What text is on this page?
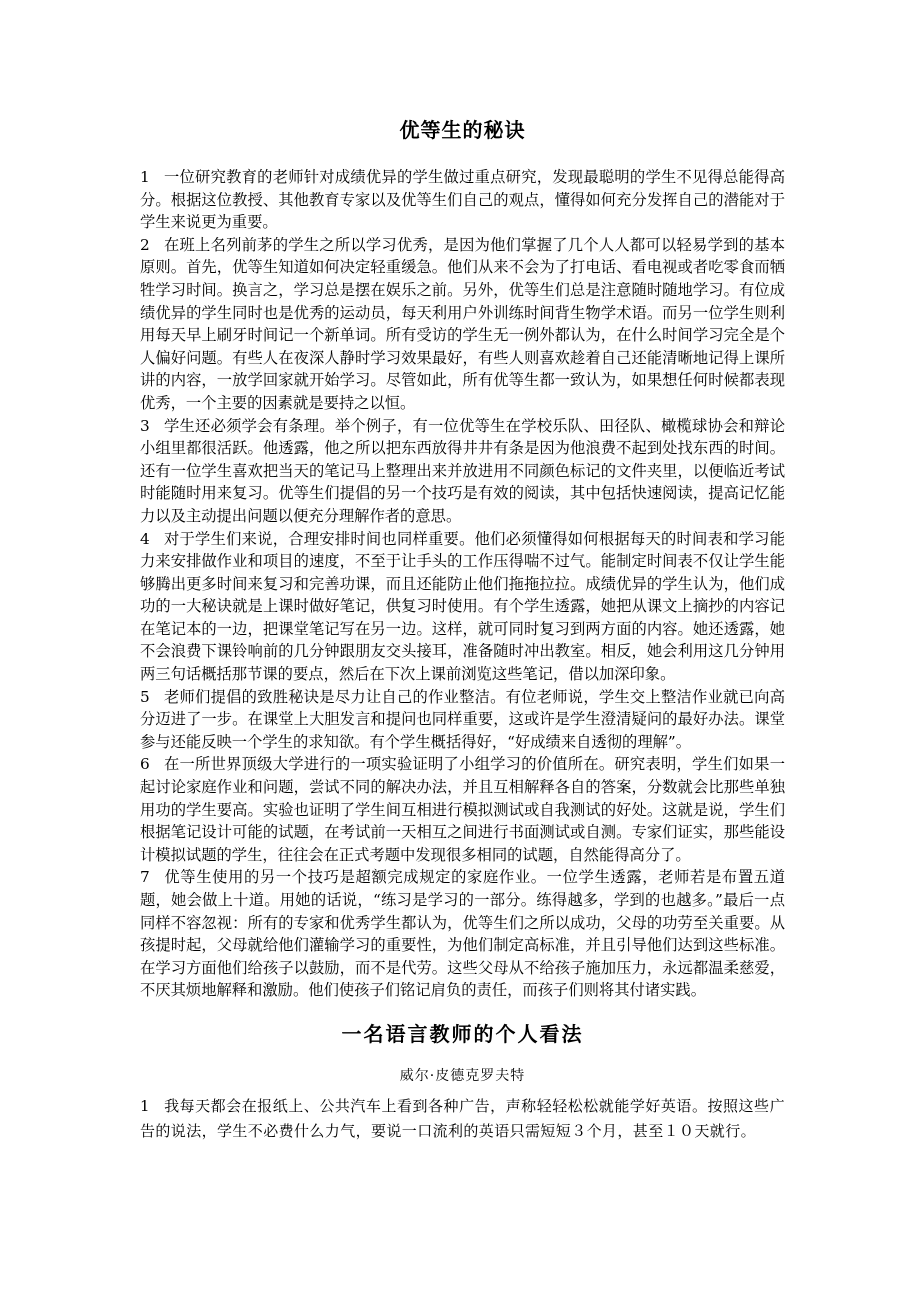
优等生的秘诀

1 一位研究教育的老师针对成绩优异的学生做过重点研究，发现最聪明的学生不见得总能得高分。根据这位教授、其他教育专家以及优等生们自己的观点，懂得如何充分发挥自己的潜能对于学生来说更为重要。

2 在班上名列前茅的学生之所以学习优秀，是因为他们掌握了几个人人都可以轻易学到的基本原则。首先，优等生知道如何决定轻重缓急。他们从来不会为了打电话、看电视或者吃零食而牺牲学习时间。换言之，学习总是摆在娱乐之前。另外，优等生们总是注意随时随地学习。有位成绩优异的学生同时也是优秀的运动员，每天利用户外训练时间背生物学术语。而另一位学生则利用每天早上刷牙时间记一个新单词。所有受访的学生无一例外都认为，在什么时间学习完全是个人偏好问题。有些人在夜深人静时学习效果最好，有些人则喜欢趁着自己还能清晰地记得上课所讲的内容，一放学回家就开始学习。尽管如此，所有优等生都一致认为，如果想任何时候都表现优秀，一个主要的因素就是要持之以恒。

3 学生还必须学会有条理。举个例子，有一位优等生在学校乐队、田径队、橄榄球协会和辩论小组里都很活跃。他透露，他之所以把东西放得井井有条是因为他浪费不起到处找东西的时间。还有一位学生喜欢把当天的笔记马上整理出来并放进用不同颜色标记的文件夹里，以便临近考试时能随时用来复习。优等生们提倡的另一个技巧是有效的阅读，其中包括快速阅读，提高记忆能力以及主动提出问题以便充分理解作者的意思。

4 对于学生们来说，合理安排时间也同样重要。他们必须懂得如何根据每天的时间表和学习能力来安排做作业和项目的速度，不至于让手头的工作压得喘不过气。能制定时间表不仅让学生能够腾出更多时间来复习和完善功课，而且还能防止他们拖拖拉拉。成绩优异的学生认为，他们成功的一大秘诀就是上课时做好笔记，供复习时使用。有个学生透露，她把从课文上摘抄的内容记在笔记本的一边，把课堂笔记写在另一边。这样，就可同时复习到两方面的内容。她还透露，她不会浪费下课铃响前的几分钟跟朋友交头接耳，准备随时冲出教室。相反，她会利用这几分钟用两三句话概括那节课的要点，然后在下次上课前浏览这些笔记，借以加深印象。

5 老师们提倡的致胜秘诀是尽力让自己的作业整洁。有位老师说，学生交上整洁作业就已向高分迈进了一步。在课堂上大胆发言和提问也同样重要，这或许是学生澄清疑问的最好办法。课堂参与还能反映一个学生的求知欲。有个学生概括得好，“好成绩来自透彻的理解”。

6 在一所世界顶级大学进行的一项实验证明了小组学习的价值所在。研究表明，学生们如果一起讨论家庭作业和问题，尝试不同的解决办法，并且互相解释各自的答案，分数就会比那些单独用功的学生要高。实验也证明了学生间互相进行模拟测试或自我测试的好处。这就是说，学生们根据笔记设计可能的试题，在考试前一天相互之间进行书面测试或自测。专家们证实，那些能设计模拟试题的学生，往往会在正式考题中发现很多相同的试题，自然能得高分了。

7 优等生使用的另一个技巧是超额完成规定的家庭作业。一位学生透露，老师若是布置五道题，她会做上十道。用她的话说，“练习是学习的一部分。练得越多，学到的也越多。”最后一点同样不容忽视：所有的专家和优秀学生都认为，优等生们之所以成功，父母的功劳至关重要。从孩提时起，父母就给他们灌输学习的重要性，为他们制定高标准，并且引导他们达到这些标准。在学习方面他们给孩子以鼓励，而不是代劳。这些父母从不给孩子施加压力，永远都温柔慈爱，不厌其烦地解释和激励。他们使孩子们铭记肩负的责任，而孩子们则将其付诸实践。

一名语言教师的个人看法
威尔·皮德克罗夫特

1 我每天都会在报纸上、公共汽车上看到各种广告，声称轻轻松松就能学好英语。按照这些广告的说法，学生不必费什么力气，要说一口流利的英语只需短短３个月，甚至１０天就行。
